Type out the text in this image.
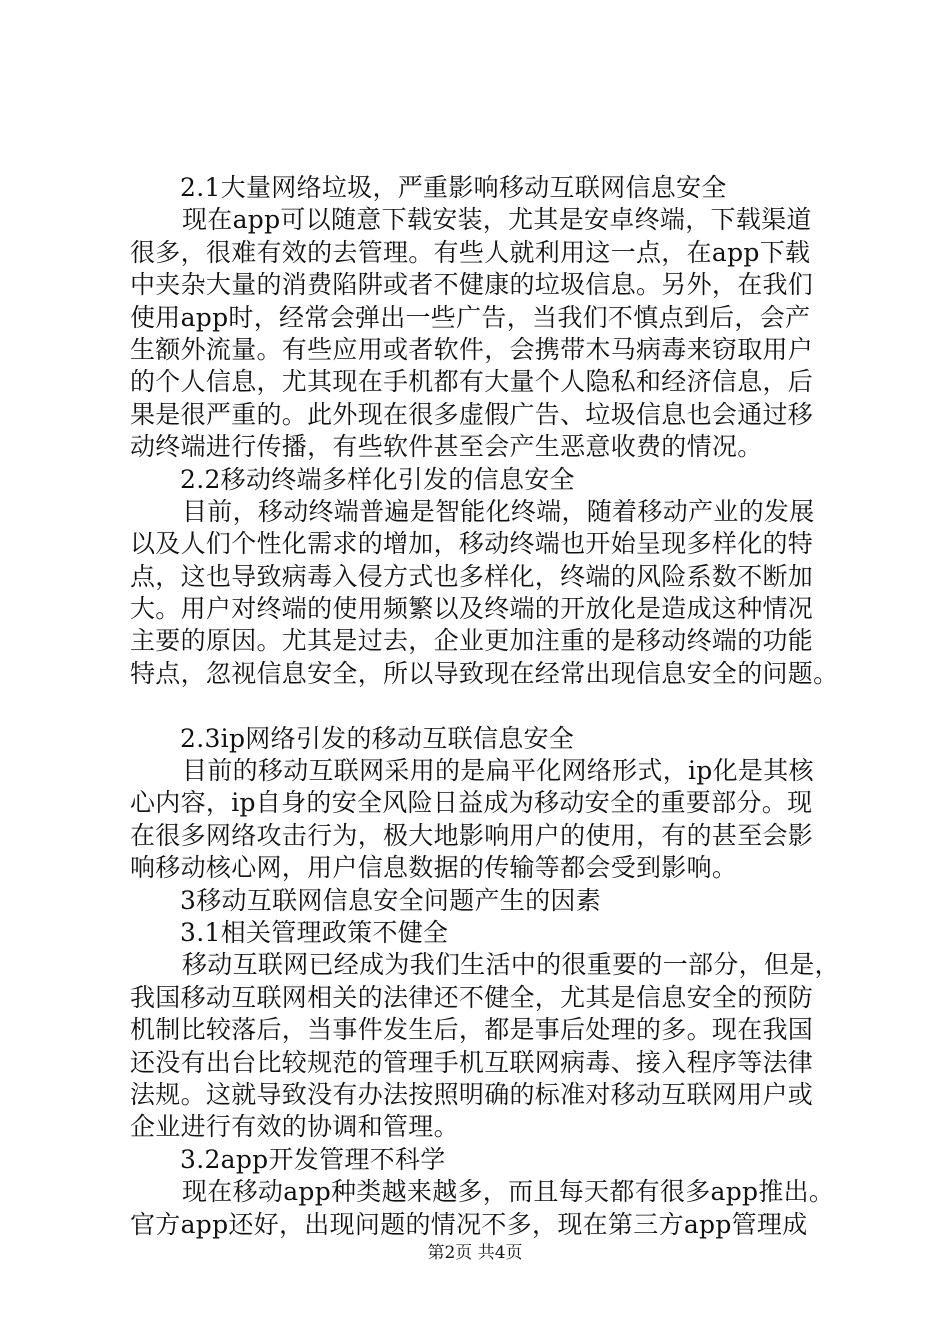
2.1大量网络垃圾，严重影响移动互联网信息安全
现在app可以随意下载安装，尤其是安卓终端，下载渠道
很多，很难有效的去管理。有些人就利用这一点，在app下载
中夹杂大量的消费陷阱或者不健康的垃圾信息。另外，在我们
使用app时，经常会弹出一些广告，当我们不慎点到后，会产
生额外流量。有些应用或者软件，会携带木马病毒来窃取用户
的个人信息，尤其现在手机都有大量个人隐私和经济信息，后
果是很严重的。此外现在很多虚假广告、垃圾信息也会通过移
动终端进行传播，有些软件甚至会产生恶意收费的情况。
2.2移动终端多样化引发的信息安全
目前，移动终端普遍是智能化终端，随着移动产业的发展
以及人们个性化需求的增加，移动终端也开始呈现多样化的特
点，这也导致病毒入侵方式也多样化，终端的风险系数不断加
大。用户对终端的使用频繁以及终端的开放化是造成这种情况
主要的原因。尤其是过去，企业更加注重的是移动终端的功能
特点，忽视信息安全，所以导致现在经常出现信息安全的问题。
2.3ip网络引发的移动互联信息安全
目前的移动互联网采用的是扁平化网络形式，ip化是其核
心内容，ip自身的安全风险日益成为移动安全的重要部分。现
在很多网络攻击行为，极大地影响用户的使用，有的甚至会影
响移动核心网，用户信息数据的传输等都会受到影响。
3移动互联网信息安全问题产生的因素
3.1相关管理政策不健全
移动互联网已经成为我们生活中的很重要的一部分，但是，
我国移动互联网相关的法律还不健全，尤其是信息安全的预防
机制比较落后，当事件发生后，都是事后处理的多。现在我国
还没有出台比较规范的管理手机互联网病毒、接入程序等法律
法规。这就导致没有办法按照明确的标准对移动互联网用户或
企业进行有效的协调和管理。
3.2app开发管理不科学
现在移动app种类越来越多，而且每天都有很多app推出。
官方app还好，出现问题的情况不多，现在第三方app管理成
第2页 共4页
